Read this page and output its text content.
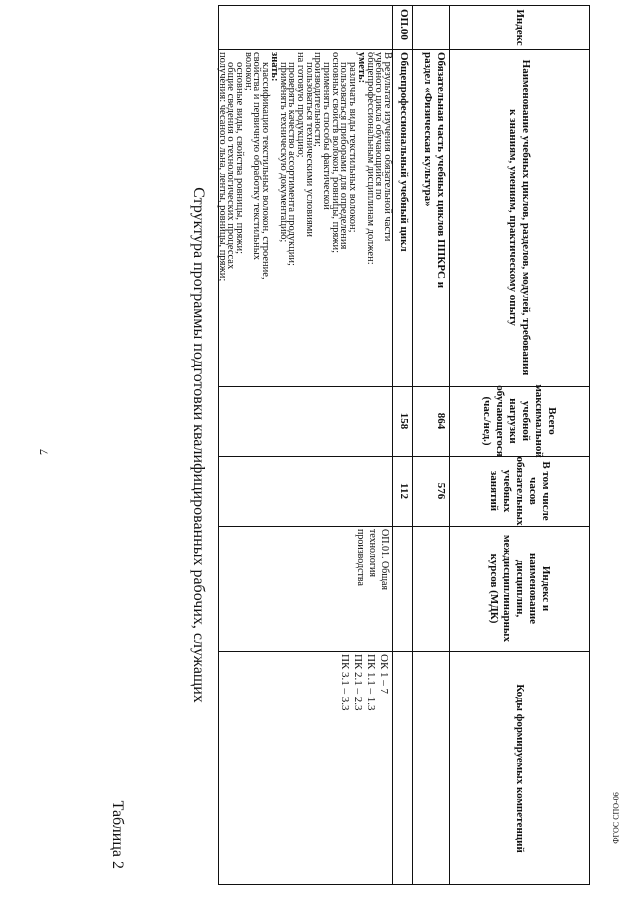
7
ФГОС СПО-06
Индекс
Наименование учебных циклов, разделов, модулей, требования к знаниям, умениям, практическому опыту
Всего максимальной учебной нагрузки обучающегося (час./нед.)
В том числе часов обязательных учебных занятий
Индекс и наименование дисциплин, междисциплинарных курсов (МДК)
Коды формируемых компетенций
Обязательная часть учебных циклов ППКРС и
раздел «Физическая культура»
864
576
ОП.00
Общепрофессиональный учебный цикл
158
112
В результате изучения обязательной части
учебного цикла обучающийся по
общепрофессиональным дисциплинам должен:
уметь:
различать виды текстильных волокон;
пользоваться приборами для определения
основных свойств волокон, ровницы, пряжи;
применять способы фактической
производительности;
пользоваться техническими условиями
на готовую продукцию;
проверять качество ассортимента продукции;
применять техническую документацию;
знать:
классификацию текстильных волокон, строение,
свойства и первичную обработку текстильных
волокон;
основные виды, свойства ровницы, пряжи;
общие сведения о технологических процессах
получения: чесаного льна, ленты, ровницы, пряжи;
ОП.01. Общая
технология
производства
ОК 1 – 7
ПК 1.1 – 1.3
ПК 2.1 – 2.3
ПК 3.1 – 3.3
Структура программы подготовки квалифицированных рабочих, служащих
Таблица 2
